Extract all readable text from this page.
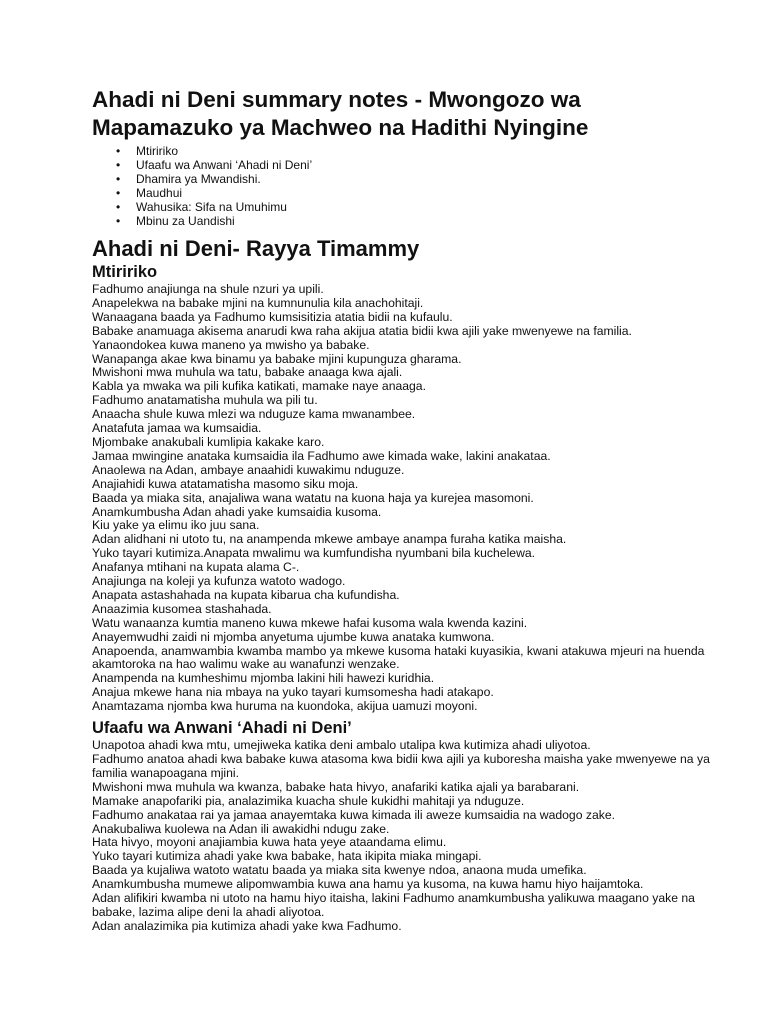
Ahadi ni Deni summary notes - Mwongozo wa Mapamazuko ya Machweo na Hadithi Nyingine
• Mtiririko
• Ufaafu wa Anwani ‘Ahadi ni Deni’
• Dhamira ya Mwandishi.
• Maudhui
• Wahusika: Sifa na Umuhimu
• Mbinu za Uandishi
Ahadi ni Deni- Rayya Timammy
Mtiririko

Fadhumo anajiunga na shule nzuri ya upili.

Anapelekwa na babake mjini na kumnunulia kila anachohitaji.

Wanaagana baada ya Fadhumo kumsisitizia atatia bidii na kufaulu.

Babake anamuaga akisema anarudi kwa raha akijua atatia bidii kwa ajili yake mwenyewe na familia.

Yanaondokea kuwa maneno ya mwisho ya babake.

Wanapanga akae kwa binamu ya babake mjini kupunguza gharama.

Mwishoni mwa muhula wa tatu, babake anaaga kwa ajali.

Kabla ya mwaka wa pili kufika katikati, mamake naye anaaga.

Fadhumo anatamatisha muhula wa pili tu.

Anaacha shule kuwa mlezi wa nduguze kama mwanambee.

Anatafuta jamaa wa kumsaidia.

Mjombake anakubali kumlipia kakake karo.

Jamaa mwingine anataka kumsaidia ila Fadhumo awe kimada wake, lakini anakataa.

Anaolewa na Adan, ambaye anaahidi kuwakimu nduguze.

Anajiahidi kuwa atatamatisha masomo siku moja.

Baada ya miaka sita, anajaliwa wana watatu na kuona haja ya kurejea masomoni.

Anamkumbusha Adan ahadi yake kumsaidia kusoma.

Kiu yake ya elimu iko juu sana.

Adan alidhani ni utoto tu, na anampenda mkewe ambaye anampa furaha katika maisha.

Yuko tayari kutimiza.Anapata mwalimu wa kumfundisha nyumbani bila kuchelewa.

Anafanya mtihani na kupata alama C-.

Anajiunga na koleji ya kufunza watoto wadogo.

Anapata astashahada na kupata kibarua cha kufundisha.

Anaazimia kusomea stashahada.

Watu wanaanza kumtia maneno kuwa mkewe hafai kusoma wala kwenda kazini.

Anayemwudhi zaidi ni mjomba anyetuma ujumbe kuwa anataka kumwona.

Anapoenda, anamwambia kwamba mambo ya mkewe kusoma hataki kuyasikia, kwani atakuwa mjeuri na huenda akamtoroka na hao walimu wake au wanafunzi wenzake.

Anampenda na kumheshimu mjomba lakini hili hawezi kuridhia.

Anajua mkewe hana nia mbaya na yuko tayari kumsomesha hadi atakapo.

Anamtazama njomba kwa huruma na kuondoka, akijua uamuzi moyoni.

Ufaafu wa Anwani ‘Ahadi ni Deni’

Unapotoa ahadi kwa mtu, umejiweka katika deni ambalo utalipa kwa kutimiza ahadi uliyotoa.

Fadhumo anatoa ahadi kwa babake kuwa atasoma kwa bidii kwa ajili ya kuboresha maisha yake mwenyewe na ya familia wanapoagana mjini.

Mwishoni mwa muhula wa kwanza, babake hata hivyo, anafariki katika ajali ya barabarani.

Mamake anapofariki pia, analazimika kuacha shule kukidhi mahitaji ya nduguze.

Fadhumo anakataa rai ya jamaa anayemtaka kuwa kimada ili aweze kumsaidia na wadogo zake.

Anakubaliwa kuolewa na Adan ili awakidhi ndugu zake.

Hata hivyo, moyoni anajiambia kuwa hata yeye ataandama elimu.

Yuko tayari kutimiza ahadi yake kwa babake, hata ikipita miaka mingapi.

Baada ya kujaliwa watoto watatu baada ya miaka sita kwenye ndoa, anaona muda umefika.

Anamkumbusha mumewe alipomwambia kuwa ana hamu ya kusoma, na kuwa hamu hiyo haijamtoka.

Adan alifikiri kwamba ni utoto na hamu hiyo itaisha, lakini Fadhumo anamkumbusha yalikuwa maagano yake na babake, lazima alipe deni la ahadi aliyotoa.

Adan analazimika pia kutimiza ahadi yake kwa Fadhumo.
